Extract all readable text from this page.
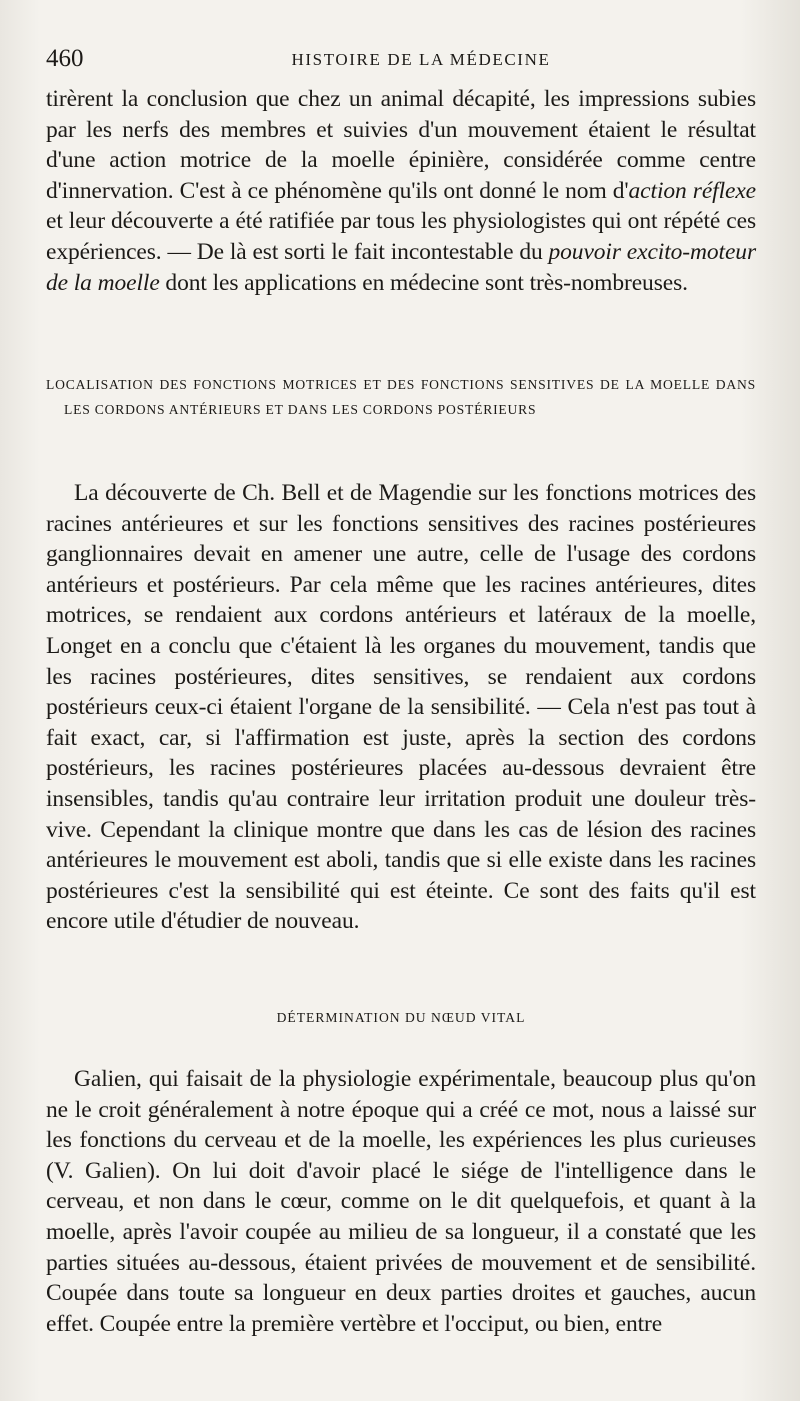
460	HISTOIRE DE LA MÉDECINE

tirèrent la conclusion que chez un animal décapité, les impressions subies par les nerfs des membres et suivies d'un mouvement étaient le résultat d'une action motrice de la moelle épinière, considérée comme centre d'innervation. C'est à ce phénomène qu'ils ont donné le nom d'action réflexe et leur découverte a été ratifiée par tous les physiologistes qui ont répété ces expériences. — De là est sorti le fait incontestable du pouvoir excito-moteur de la moelle dont les applications en médecine sont très-nombreuses.

LOCALISATION DES FONCTIONS MOTRICES ET DES FONCTIONS SENSITIVES DE LA MOELLE DANS LES CORDONS ANTÉRIEURS ET DANS LES CORDONS POSTÉRIEURS

La découverte de Ch. Bell et de Magendie sur les fonctions motrices des racines antérieures et sur les fonctions sensitives des racines postérieures ganglionnaires devait en amener une autre, celle de l'usage des cordons antérieurs et postérieurs. Par cela même que les racines antérieures, dites motrices, se rendaient aux cordons antérieurs et latéraux de la moelle, Longet en a conclu que c'étaient là les organes du mouvement, tandis que les racines postérieures, dites sensitives, se rendaient aux cordons postérieurs ceux-ci étaient l'organe de la sensibilité. — Cela n'est pas tout à fait exact, car, si l'affirmation est juste, après la section des cordons postérieurs, les racines postérieures placées au-dessous devraient être insensibles, tandis qu'au contraire leur irritation produit une douleur très-vive. Cependant la clinique montre que dans les cas de lésion des racines antérieures le mouvement est aboli, tandis que si elle existe dans les racines postérieures c'est la sensibilité qui est éteinte. Ce sont des faits qu'il est encore utile d'étudier de nouveau.

DÉTERMINATION DU NŒUD VITAL

Galien, qui faisait de la physiologie expérimentale, beaucoup plus qu'on ne le croit généralement à notre époque qui a créé ce mot, nous a laissé sur les fonctions du cerveau et de la moelle, les expériences les plus curieuses (V. Galien). On lui doit d'avoir placé le siége de l'intelligence dans le cerveau, et non dans le cœur, comme on le dit quelquefois, et quant à la moelle, après l'avoir coupée au milieu de sa longueur, il a constaté que les parties situées au-dessous, étaient privées de mouvement et de sensibilité. Coupée dans toute sa longueur en deux parties droites et gauches, aucun effet. Coupée entre la première vertèbre et l'occiput, ou bien, entre
